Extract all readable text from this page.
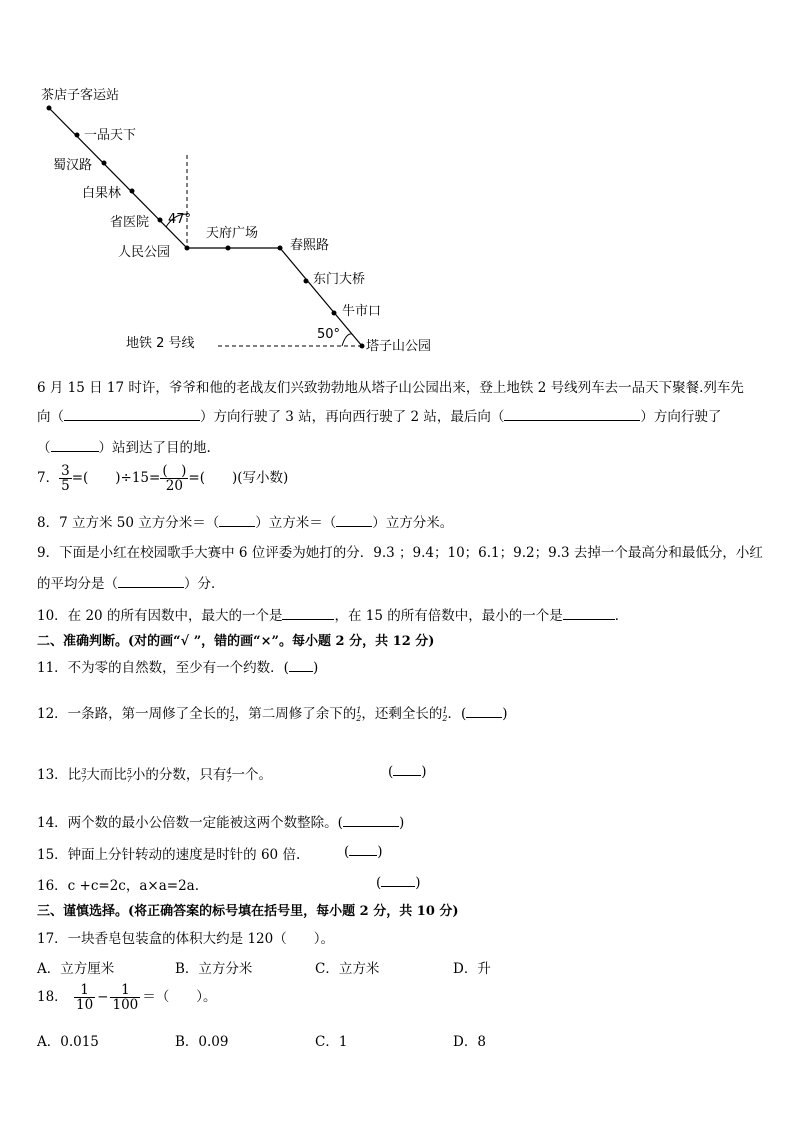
茶店子客运站
一品天下
蜀汉路
白果林
省医院 47°
天府广场
人民公园	春熙路
东门大桥
牛市口
50°
地铁 2 号线	塔子山公园
6 月 15 日 17 时许，爷爷和他的老战友们兴致勃勃地从塔子山公园出来，登上地铁 2 号线列车去一品天下聚餐.列车先
向（	）方向行驶了 3 站，再向西行驶了 2 站，最后向（	）方向行驶了
（	）站到达了目的地.
7． $\frac{3}{5}$ =(　　)$\div 15= \frac{( )}{20}$ =(　　)(写小数)
8．7 立方米 50 立方分米＝（	）立方米＝（	）立方分米。
9．下面是小红在校园歌手大赛中 6 位评委为她打的分．9.3 ；9.4；10；6.1；9.2；9.3 去掉一个最高分和最低分，小红
的平均分是（	）分．
10．在 20 的所有因数中，最大的一个是	，在 15 的所有倍数中，最小的一个是	．
二、准确判断。(对的画“√ ”，错的画“×”。每小题 2 分，共 12 分)
11．不为零的自然数，至少有一个约数．( )
12．一条路，第一周修了全长的 1
2 ，第二周修了余下的 1
2 ，还剩全长的 1
2 ．(	)
13．比 3
7 大而比 5
7 小的分数，只有 4
7 一个。	( )
14．两个数的最小公倍数一定能被这两个数整除。(	)
15．钟面上分针转动的速度是时针的 60 倍.	( )
16．c +c=2c，a×a=2a.	(	)
三、谨慎选择。(将正确答案的标号填在括号里，每小题 2 分，共 10 分)
17．一块香皂包装盒的体积大约是 120（　　）。
A．立方厘米	B．立方分米	C．立方米	D．升
18． $\frac{1}{10} - \frac{1}{100}$ ＝（　　）。
A．0.015	B．0.09	C．1	D．8
